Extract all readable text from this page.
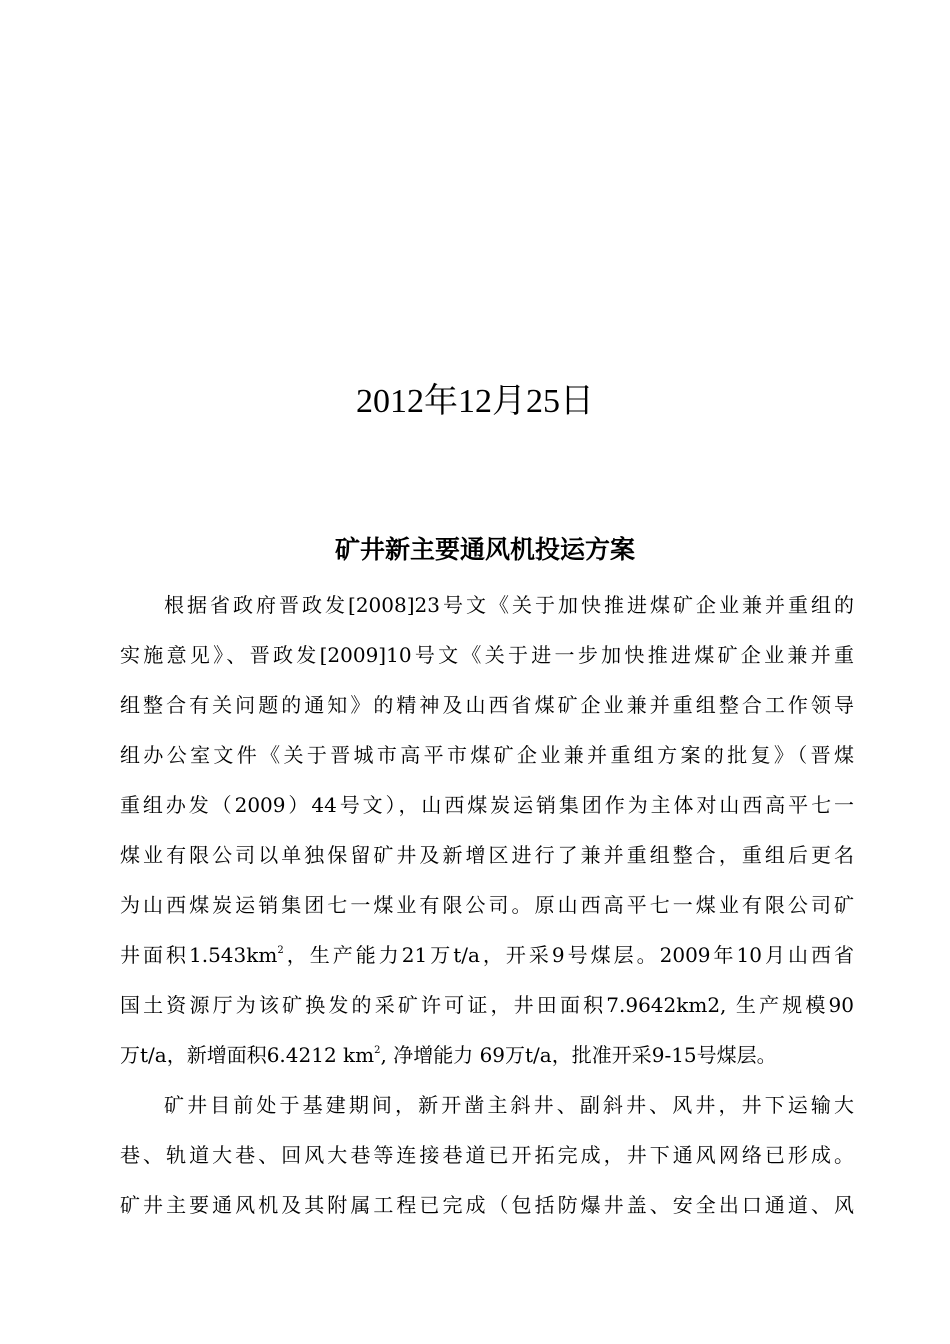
2012年12月25日
矿井新主要通风机投运方案
根据省政府晋政发[2008]23号文《关于加快推进煤矿企业兼并重组的
实施意见》、晋政发[2009]10号文《关于进一步加快推进煤矿企业兼并重
组整合有关问题的通知》的精神及山西省煤矿企业兼并重组整合工作领导
组办公室文件《关于晋城市高平市煤矿企业兼并重组方案的批复》（晋煤
重组办发（2009）44号文），山西煤炭运销集团作为主体对山西高平七一
煤业有限公司以单独保留矿井及新增区进行了兼并重组整合，重组后更名
为山西煤炭运销集团七一煤业有限公司。原山西高平七一煤业有限公司矿
井面积$1.543km^2$，生产能力21万t/a，开采9号煤层。2009年10月山西省
国土资源厅为该矿换发的采矿许可证，井田面积7.9642km2, 生产规模90
万t/a，新增面积6.4212 $km^2$, 净增能力 69万t/a，批准开采9-15号煤层。
矿井目前处于基建期间，新开凿主斜井、副斜井、风井，井下运输大
巷、轨道大巷、回风大巷等连接巷道已开拓完成，井下通风网络已形成。
矿井主要通风机及其附属工程已完成（包括防爆井盖、安全出口通道、风
